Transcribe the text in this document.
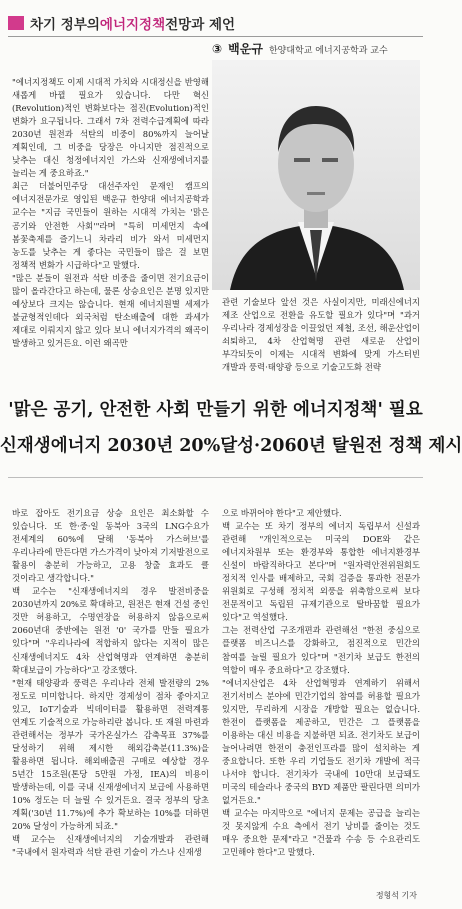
차기 정부의 에너지정책 전망과 제언
③ 백운규 한양대학교 에너지공학과 교수
"에너지정책도 이제 시대적 가치와 시대정신을 반영해 새롭게 바뀔 필요가 있습니다. 다만 혁신(Revolution)적인 변화보다는 점진(Evolution)적인 변화가 요구됩니다. 그래서 7차 전력수급계획에 따라 2030년 원전과 석탄의 비중이 80%까지 늘어날 계획인데, 그 비중을 당장은 아니지만 점진적으로 낮추는 대신 청정에너지인 가스와 신재생에너지를 늘리는 게 중요하죠."
최근 더불어민주당 대선주자인 문재인 캠프의 에너지전문가로 영입된 백운규 한양대 에너지공학과 교수는 "지금 국민들이 원하는 시대적 가치는 '맑은 공기와 안전한 사회'"라며 "특히 미세먼지 속에 봄꽃축제를 즐기느니 차라리 비가 와서 미세먼지 농도를 낮추는 게 좋다는 국민들이 많은 걸 보면 정책적 변화가 시급하다"고 말했다.
"많은 분들이 원전과 석탄 비중을 줄이면 전기요금이 많이 올라간다고 하는데, 물론 상승요인은 분명 있지만 예상보다 크지는 않습니다. 현재 에너지원별 세제가 불균형적인데다 외국처럼 탄소배출에 대한 과세가 제대로 이뤄지지 않고 있다 보니 에너지가격의 왜곡이 발생하고 있거든요. 이런 왜곡만
관련 기술보다 앞선 것은 사실이지만, 미래신에너지 제조 산업으로 전환을 유도할 필요가 있다"며 "과거 우리나라 경제성장을 이끌었던 제철, 조선, 해운산업이 쇠퇴하고, 4차 산업혁명 관련 새로운 산업이 부각되듯이 이제는 시대적 변화에 맞게 가스터빈 개발과 풍력·태양광 등으로 기술고도화 전략
'맑은 공기, 안전한 사회 만들기 위한 에너지정책' 필요
신재생에너지 2030년 20%달성·2060년 탈원전 정책 제시
바로 잡아도 전기요금 상승 요인은 최소화할 수 있습니다. 또 한·중·일 동북아 3국의 LNG수요가 전세계의 60%에 달해 '동북아 가스허브'를 우리나라에 만든다면 가스가격이 낮아져 기저발전으로 활용이 충분히 가능하고, 고용 창출 효과도 클 것이라고 생각합니다."
백 교수는 "신재생에너지의 경우 발전비중을 2030년까지 20%로 확대하고, 원전은 현재 건설 중인 것만 허용하고, 수명연장을 허용하지 않음으로써 2060년대 중반에는 원전 '0' 국가를 만들 필요가 있다"며 "우리나라에 적합하지 않다는 지적이 많은 신재생에너지도 4차 산업혁명과 연계하면 충분히 확대보급이 가능하다"고 강조했다.
"현재 태양광과 풍력은 우리나라 전체 발전량의 2% 정도로 미미합니다. 하지만 경제성이 점차 좋아지고 있고, IoT기술과 빅데이터를 활용하면 전력계통 연계도 기술적으로 가능하리란 봅니다. 또 재원 마련과 관련해서는 정부가 국가온실가스 감축목표 37%를 달성하기 위해 제시한 해외감축분(11.3%)을 활용하면 됩니다. 해외배출권 구매로 예상할 경우 5년간 15조원(톤당 5만원 가정, IEA)의 비용이 발생하는데, 이를 국내 신재생에너지 보급에 사용하면 10% 정도는 더 늘릴 수 있거든요. 결국 정부의 당초 계획('30년 11.7%)에 추가 확보하는 10%를 더하면 20% 달성이 가능하게 되죠."
백 교수는 신재생에너지의 기술개발과 관련해 "국내에서 원자력과 석탄 관련 기술이 가스나 신재생
으로 바뀌어야 한다"고 제안했다.
백 교수는 또 차기 정부의 에너지 독립부서 신설과 관련해 "개인적으로는 미국의 DOE와 같은 에너지차원부 또는 환경부와 통합한 에너지환경부 신설이 바람직하다고 본다"며 "원자력안전위원회도 정치적 인사를 배제하고, 국회 검증을 통과한 전문가 위원회로 구성해 정치적 외풍을 위축함으로써 보다 전문적이고 독립된 규제기관으로 탈바꿈할 필요가 있다"고 역설했다.
그는 전력산업 구조개편과 관련해선 "한전 중심으로 플랫폼 비즈니스를 강화하고, 점진적으로 민간의 참여를 늘릴 필요가 있다"며 "전기차 보급도 한전의 역할이 매우 중요하다"고 강조했다.
"에너지산업은 4차 산업혁명과 연계하기 위해서 전기서비스 분야에 민간기업의 참여를 허용할 필요가 있지만, 무리하게 시장을 개방할 필요는 없습니다. 한전이 플랫폼을 제공하고, 민간은 그 플랫폼을 이용하는 대신 비용을 지불하면 되죠. 전기차도 보급이 늘어나려면 한전이 충전인프라를 많이 설치하는 게 중요합니다. 또한 우리 기업들도 전기차 개발에 적극 나서야 합니다. 전기차가 국내에 10만대 보급돼도 미국의 테슬라나 중국의 BYD 제품만 팔린다면 의미가 없거든요."
백 교수는 마지막으로 "에너지 문제는 공급을 늘리는 것 못지않게 수요 측에서 전기 낭비를 줄이는 것도 매우 중요한 문제"라고 "건물과 수송 등 수요관리도 고민해야 한다"고 말했다.
정형석 기자
